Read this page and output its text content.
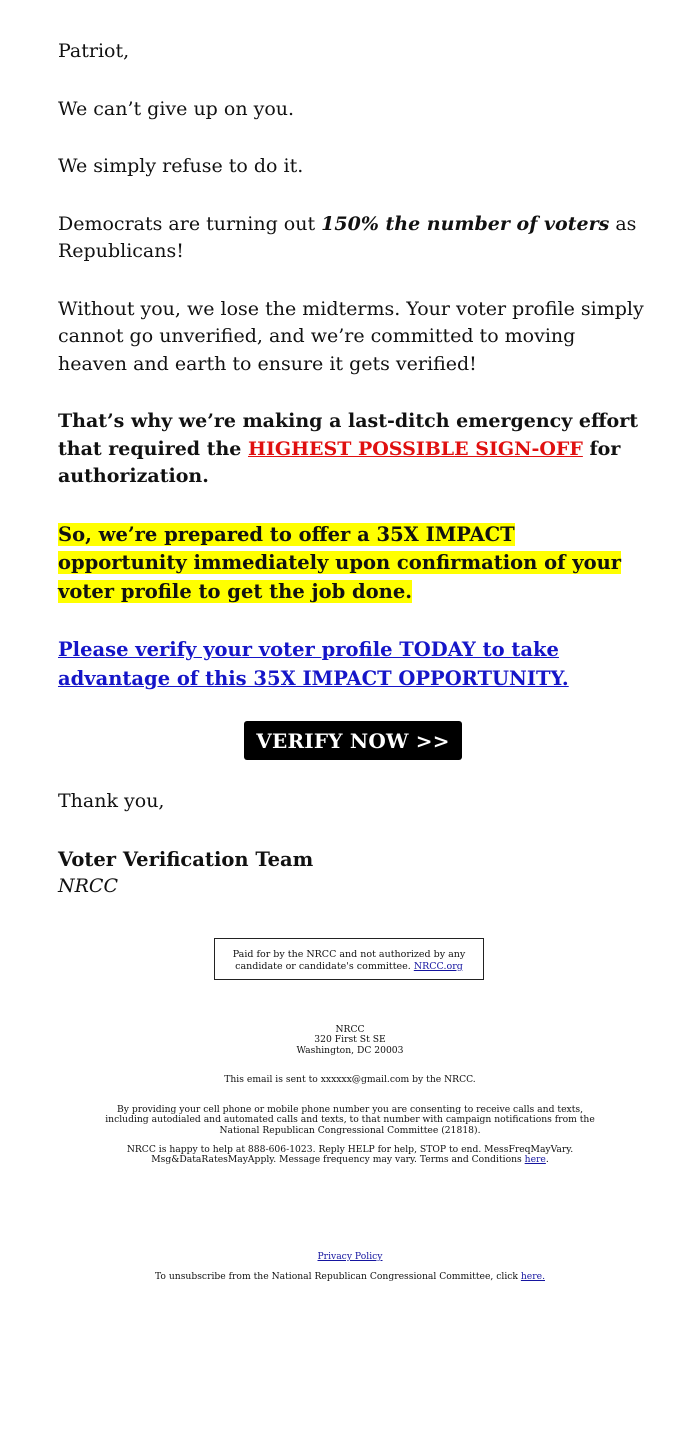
Patriot,

We can’t give up on you.

We simply refuse to do it.

Democrats are turning out 150% the number of voters as Republicans!

Without you, we lose the midterms. Your voter profile simply cannot go unverified, and we’re committed to moving heaven and earth to ensure it gets verified!

That’s why we’re making a last-ditch emergency effort that required the HIGHEST POSSIBLE SIGN-OFF for authorization.

So, we’re prepared to offer a 35X IMPACT opportunity immediately upon confirmation of your voter profile to get the job done.

Please verify your voter profile TODAY to take advantage of this 35X IMPACT OPPORTUNITY.

VERIFY NOW >>

Thank you,

Voter Verification Team

NRCC

Paid for by the NRCC and not authorized by any candidate or candidate's committee. NRCC.org
NRCC
320 First St SE
Washington, DC 20003
This email is sent to xxxxxx@gmail.com by the NRCC.
By providing your cell phone or mobile phone number you are consenting to receive calls and texts, including autodialed and automated calls and texts, to that number with campaign notifications from the National Republican Congressional Committee (21818).
NRCC is happy to help at 888-606-1023. Reply HELP for help, STOP to end. MessFreqMayVary. Msg&DataRatesMayApply. Message frequency may vary. Terms and Conditions here.
Privacy Policy
To unsubscribe from the National Republican Congressional Committee, click here.
